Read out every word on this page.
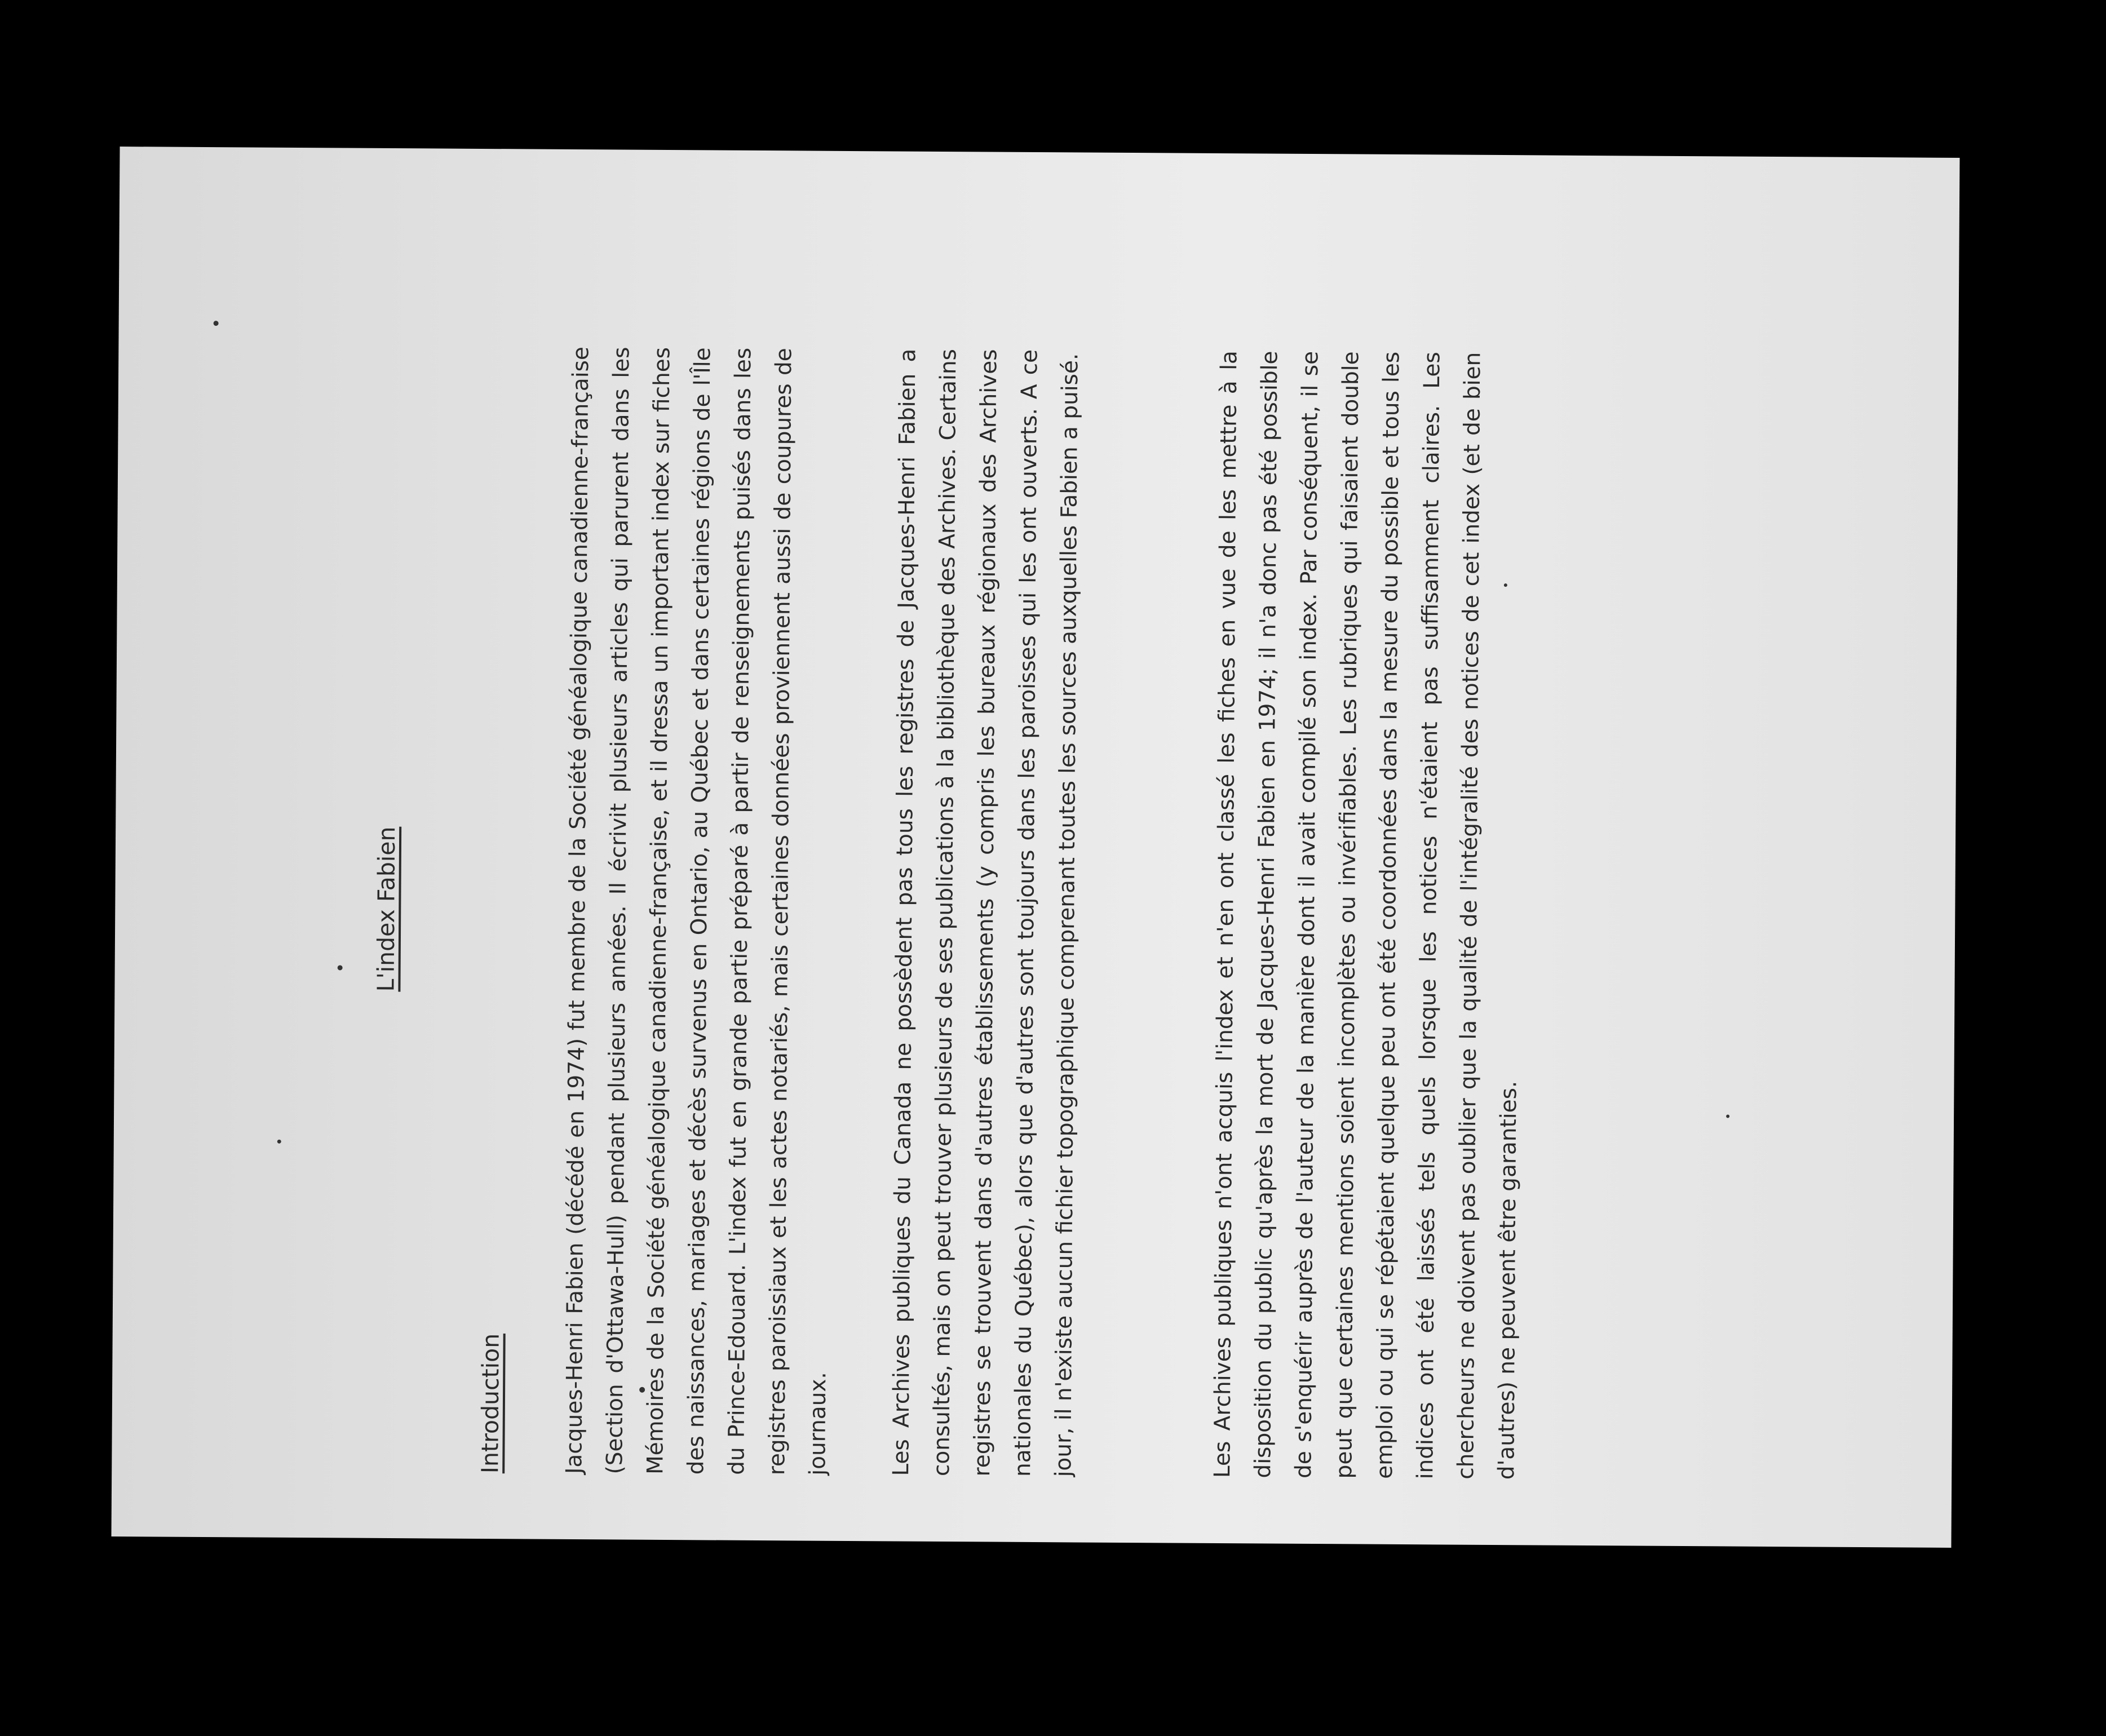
L'index Fabien
Introduction	Jacques-Henri Fabien (décédé en 1974) fut membre de la Société généalogique canadienne-française (Section d'Ottawa-Hull) pendant plusieurs années. Il écrivit plusieurs articles qui parurent dans les Mémoires de la Société généalogique canadienne-française, et il dressa un important index sur fiches des naissances, mariages et décès survenus en Ontario, au Québec et dans certaines régions de l'Île du Prince-Edouard. L'index fut en grande partie préparé à partir de renseignements puisés dans les registres paroissiaux et les actes notariés, mais certaines données proviennent aussi de coupures de journaux.	Les Archives publiques du Canada ne possèdent pas tous les registres de Jacques-Henri Fabien a consultés, mais on peut trouver plusieurs de ses publications à la bibliothèque des Archives. Certains registres se trouvent dans d'autres établissements (y compris les bureaux régionaux des Archives nationales du Québec), alors que d'autres sont toujours dans les paroisses qui les ont ouverts. A ce jour, il n'existe aucun fichier topographique comprenant toutes les sources auxquelles Fabien a puisé.	Les Archives publiques n'ont acquis l'index et n'en ont classé les fiches en vue de les mettre à la disposition du public qu'après la mort de Jacques-Henri Fabien en 1974; il n'a donc pas été possible de s'enquérir auprès de l'auteur de la manière dont il avait compilé son index. Par conséquent, il se peut que certaines mentions soient incomplètes ou invérifiables. Les rubriques qui faisaient double emploi ou qui se répétaient quelque peu ont été coordonnées dans la mesure du possible et tous les indices ont été laissés tels quels lorsque les notices n'étaient pas suffisamment claires. Les chercheurs ne doivent pas oublier que la qualité de l'intégralité des notices de cet index (et de bien d'autres) ne peuvent être garanties.
